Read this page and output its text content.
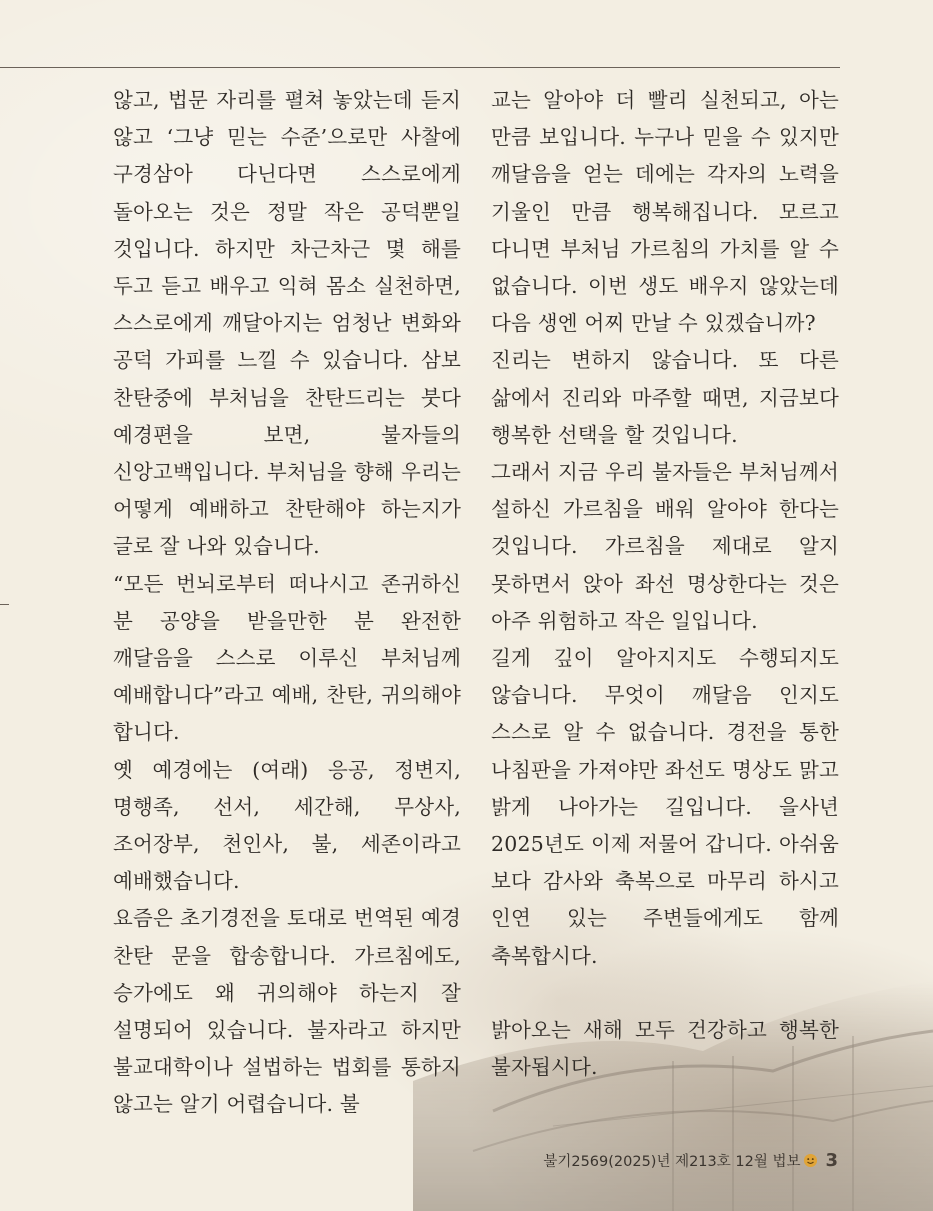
않고, 법문 자리를 펼쳐 놓았는데 듣지 않고 ‘그냥 믿는 수준’으로만 사찰에 구경삼아 다닌다면 스스로에게 돌아오는 것은 정말 작은 공덕뿐일 것입니다. 하지만 차근차근 몇 해를 두고 듣고 배우고 익혀 몸소 실천하면, 스스로에게 깨달아지는 엄청난 변화와 공덕 가피를 느낄 수 있습니다. 삼보 찬탄중에 부처님을 찬탄드리는 붓다 예경편을 보면, 불자들의 신앙고백입니다. 부처님을 향해 우리는 어떻게 예배하고 찬탄해야 하는지가 글로 잘 나와 있습니다.

“모든 번뇌로부터 떠나시고 존귀하신 분 공양을 받을만한 분 완전한 깨달음을 스스로 이루신 부처님께 예배합니다”라고 예배, 찬탄, 귀의해야 합니다.

옛 예경에는 (여래) 응공, 정변지, 명행족, 선서, 세간해, 무상사, 조어장부, 천인사, 불, 세존이라고 예배했습니다.

요즘은 초기경전을 토대로 번역된 예경 찬탄 문을 합송합니다. 가르침에도, 승가에도 왜 귀의해야 하는지 잘 설명되어 있습니다. 불자라고 하지만 불교대학이나 설법하는 법회를 통하지 않고는 알기 어렵습니다. 불

교는 알아야 더 빨리 실천되고, 아는 만큼 보입니다. 누구나 믿을 수 있지만 깨달음을 얻는 데에는 각자의 노력을 기울인 만큼 행복해집니다. 모르고 다니면 부처님 가르침의 가치를 알 수 없습니다. 이번 생도 배우지 않았는데 다음 생엔 어찌 만날 수 있겠습니까?

진리는 변하지 않습니다. 또 다른 삶에서 진리와 마주할 때면, 지금보다 행복한 선택을 할 것입니다.

그래서 지금 우리 불자들은 부처님께서 설하신 가르침을 배워 알아야 한다는 것입니다. 가르침을 제대로 알지 못하면서 앉아 좌선 명상한다는 것은 아주 위험하고 작은 일입니다.

길게 깊이 알아지지도 수행되지도 않습니다. 무엇이 깨달음 인지도 스스로 알 수 없습니다. 경전을 통한 나침판을 가져야만 좌선도 명상도 맑고 밝게 나아가는 길입니다. 을사년 2025년도 이제 저물어 갑니다. 아쉬움 보다 감사와 축복으로 마무리 하시고 인연 있는 주변들에게도 함께 축복합시다.

밝아오는 새해 모두 건강하고 행복한 불자됩시다.

불기2569(2025)년 제213호 12월 법보 3
